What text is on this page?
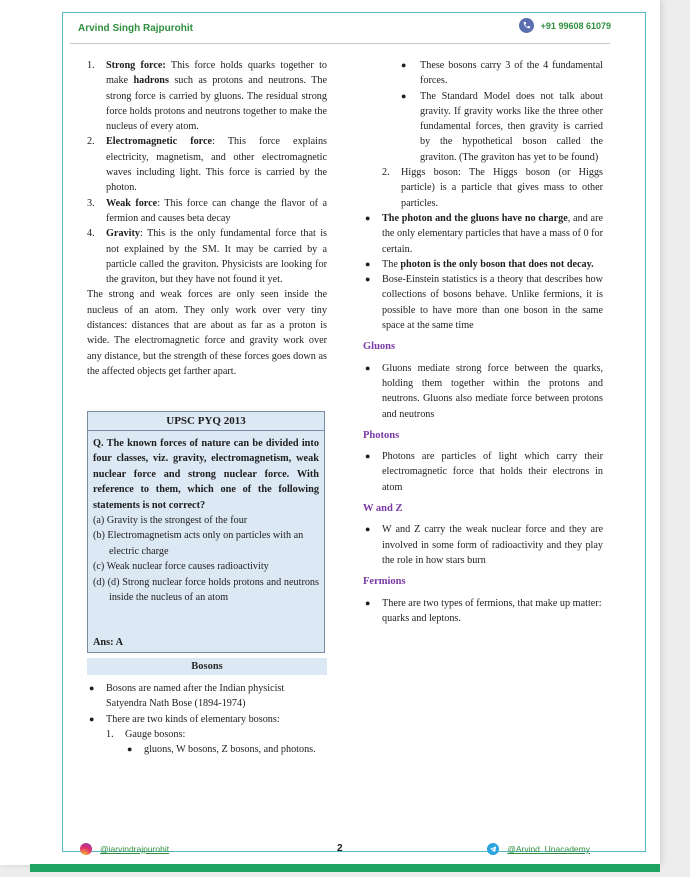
Arvind Singh Rajpurohit	+91 99608 61079
1. Strong force: This force holds quarks together to make hadrons such as protons and neutrons. The strong force is carried by gluons. The residual strong force holds protons and neutrons together to make the nucleus of every atom.
2. Electromagnetic force: This force explains electricity, magnetism, and other electromagnetic waves including light. This force is carried by the photon.
3. Weak force: This force can change the flavor of a fermion and causes beta decay
4. Gravity: This is the only fundamental force that is not explained by the SM. It may be carried by a particle called the graviton. Physicists are looking for the graviton, but they have not found it yet.
The strong and weak forces are only seen inside the nucleus of an atom. They only work over very tiny distances: distances that are about as far as a proton is wide. The electromagnetic force and gravity work over any distance, but the strength of these forces goes down as the affected objects get farther apart.
UPSC PYQ 2013
Q. The known forces of nature can be divided into four classes, viz. gravity, electromagnetism, weak nuclear force and strong nuclear force. With reference to them, which one of the following statements is not correct?
(a) Gravity is the strongest of the four
(b) Electromagnetism acts only on particles with an electric charge
(c) Weak nuclear force causes radioactivity
(d) (d) Strong nuclear force holds protons and neutrons inside the nucleus of an atom
Ans: A
Bosons
● Bosons are named after the Indian physicist Satyendra Nath Bose (1894-1974)
● There are two kinds of elementary bosons:
1. Gauge bosons:
● gluons, W bosons, Z bosons, and photons.
● These bosons carry 3 of the 4 fundamental forces.
● The Standard Model does not talk about gravity. If gravity works like the three other fundamental forces, then gravity is carried by the hypothetical boson called the graviton. (The graviton has yet to be found)
2. Higgs boson: The Higgs boson (or Higgs particle) is a particle that gives mass to other particles.
● The photon and the gluons have no charge, and are the only elementary particles that have a mass of 0 for certain.
● The photon is the only boson that does not decay.
● Bose-Einstein statistics is a theory that describes how collections of bosons behave. Unlike fermions, it is possible to have more than one boson in the same space at the same time
Gluons
● Gluons mediate strong force between the quarks, holding them together within the protons and neutrons. Gluons also mediate force between protons and neutrons
Photons
● Photons are particles of light which carry their electromagnetic force that holds their electrons in atom
W and Z
● W and Z carry the weak nuclear force and they are involved in some form of radioactivity and they play the role in how stars burn
Fermions
● There are two types of fermions, that make up matter: quarks and leptons.
@iarvindrajpurohit	2	@Arvind_Unacademy
